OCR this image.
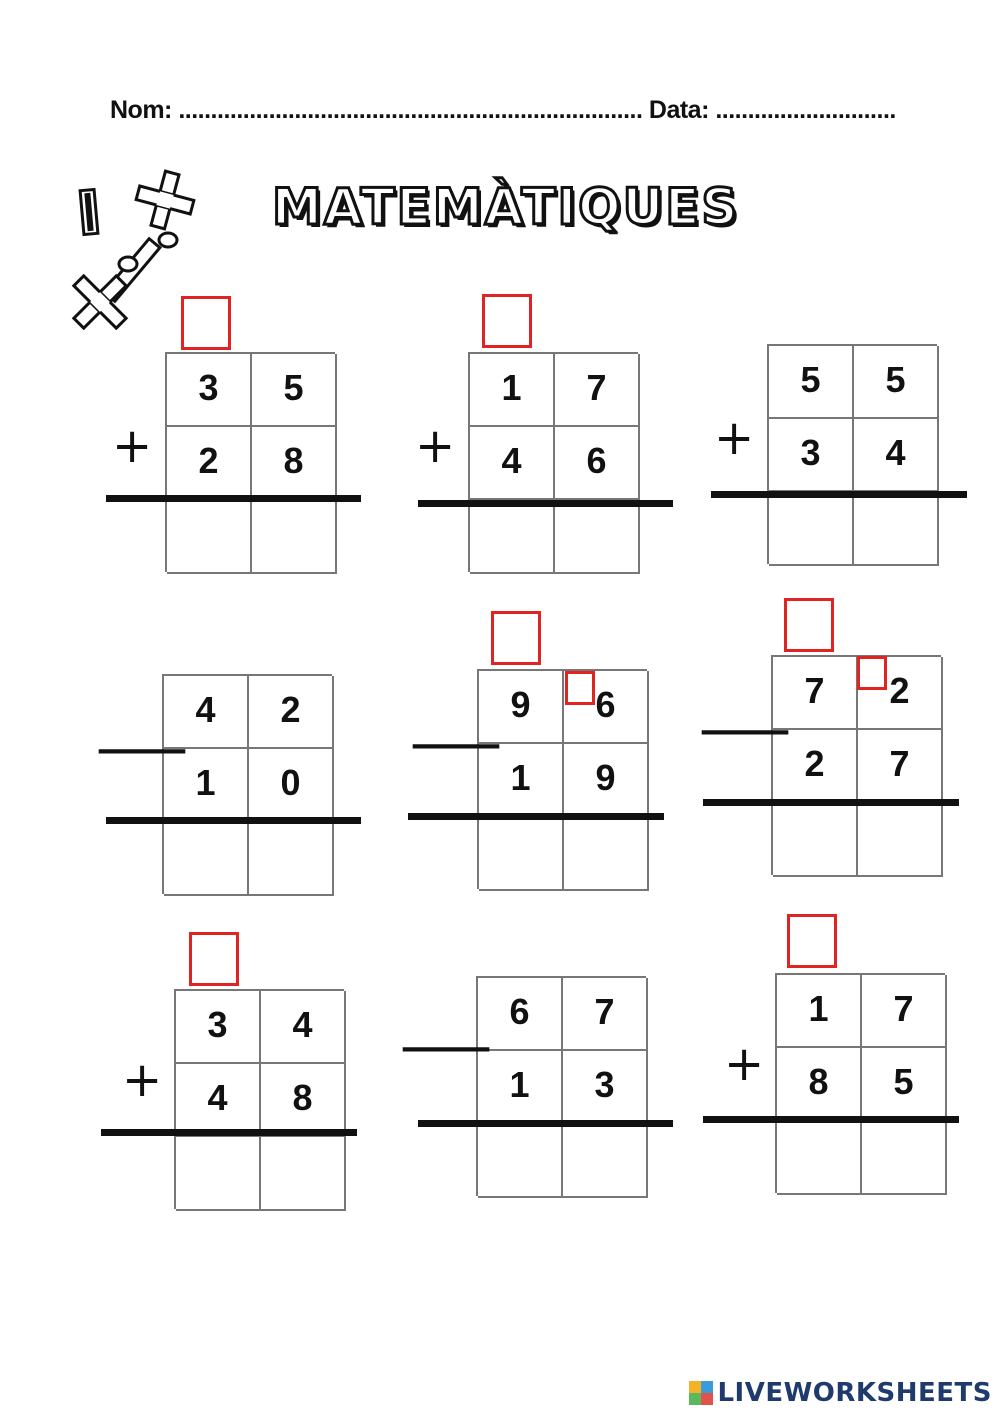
Nom: ........................................................................ Data: ............................
MATEMÀTIQUES
3	5
2	8
+
1	7
4	6
+
5	5
3	4
+
4	2
1	0
—
9	6
1	9
—
7	2
2	7
—
3	4
4	8
+
6	7
1	3
—
1	7
8	5
+
LIVEWORKSHEETS
